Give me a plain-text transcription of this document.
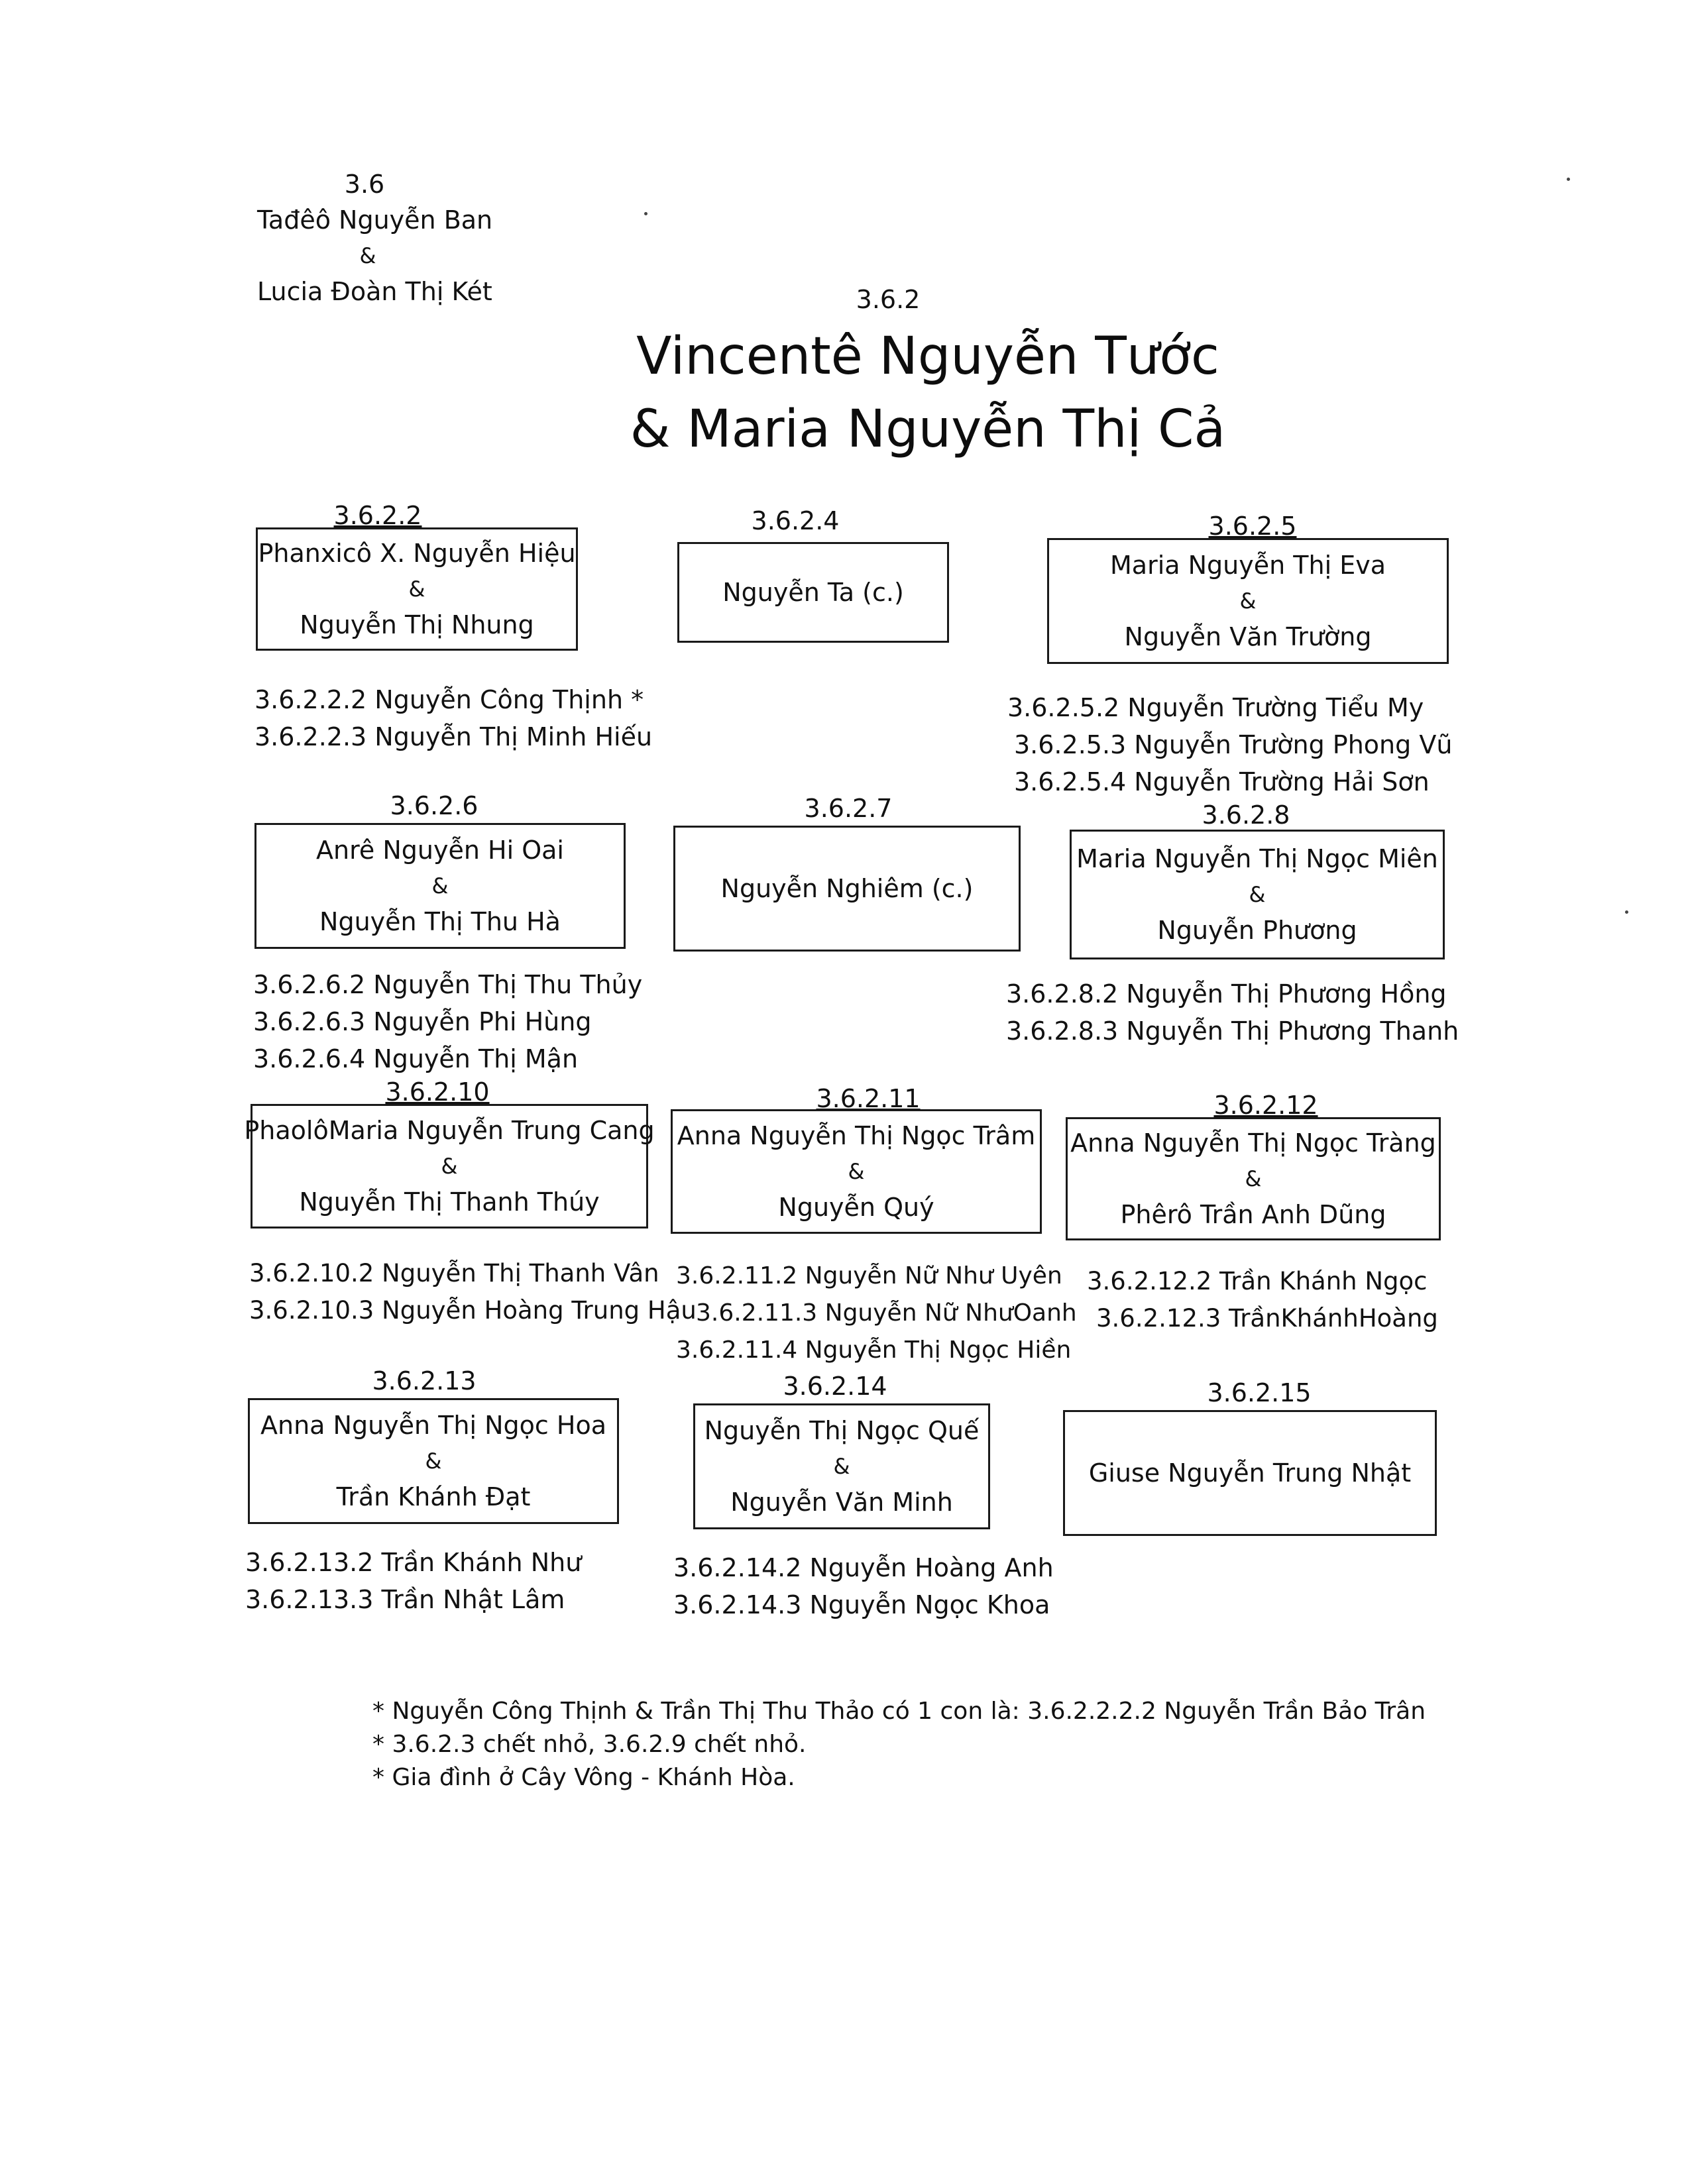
3.6
Tađêô Nguyễn Ban
&
Lucia Đoàn Thị Két	3.6.2
Vincentê Nguyễn Tước
& Maria Nguyễn Thị Cả
3.6.2.2
Phanxicô X. Nguyễn Hiệu
&
Nguyễn Thị Nhung
3.6.2.4
Nguyễn Ta (c.)
3.6.2.5
Maria Nguyễn Thị Eva
&
Nguyễn Văn Trường
3.6.2.2.2 Nguyễn Công Thịnh *
3.6.2.2.3 Nguyễn Thị Minh Hiếu
3.6.2.5.2 Nguyễn Trường Tiểu My
3.6.2.5.3 Nguyễn Trường Phong Vũ
3.6.2.5.4 Nguyễn Trường Hải Sơn
3.6.2.6
Anrê Nguyễn Hi Oai
&
Nguyễn Thị Thu Hà
3.6.2.7
Nguyễn Nghiêm (c.)
3.6.2.8
Maria Nguyễn Thị Ngọc Miên
&
Nguyễn Phương
3.6.2.6.2 Nguyễn Thị Thu Thủy
3.6.2.6.3 Nguyễn Phi Hùng
3.6.2.6.4 Nguyễn Thị Mận
3.6.2.8.2 Nguyễn Thị Phương Hồng
3.6.2.8.3 Nguyễn Thị Phương Thanh
3.6.2.10
PhaolôMaria Nguyễn Trung Cang
&
Nguyễn Thị Thanh Thúy
3.6.2.11
Anna Nguyễn Thị Ngọc Trâm
&
Nguyễn Quý
3.6.2.12
Anna Nguyễn Thị Ngọc Tràng
&
Phêrô Trần Anh Dũng
3.6.2.10.2 Nguyễn Thị Thanh Vân
3.6.2.10.3 Nguyễn Hoàng Trung Hậu
3.6.2.11.2 Nguyễn Nữ Như Uyên
3.6.2.11.3 Nguyễn Nữ NhưOanh
3.6.2.11.4 Nguyễn Thị Ngọc Hiền
3.6.2.12.2 Trần Khánh Ngọc
3.6.2.12.3 TrầnKhánhHoàng
3.6.2.13
Anna Nguyễn Thị Ngọc Hoa
&
Trần Khánh Đạt
3.6.2.14
Nguyễn Thị Ngọc Quế
&
Nguyễn Văn Minh
3.6.2.15
Giuse Nguyễn Trung Nhật
3.6.2.13.2 Trần Khánh Như
3.6.2.13.3 Trần Nhật Lâm
3.6.2.14.2 Nguyễn Hoàng Anh
3.6.2.14.3 Nguyễn Ngọc Khoa
* Nguyễn Công Thịnh & Trần Thị Thu Thảo có 1 con là: 3.6.2.2.2.2 Nguyễn Trần Bảo Trân
* 3.6.2.3 chết nhỏ, 3.6.2.9 chết nhỏ.
* Gia đình ở Cây Vông - Khánh Hòa.
